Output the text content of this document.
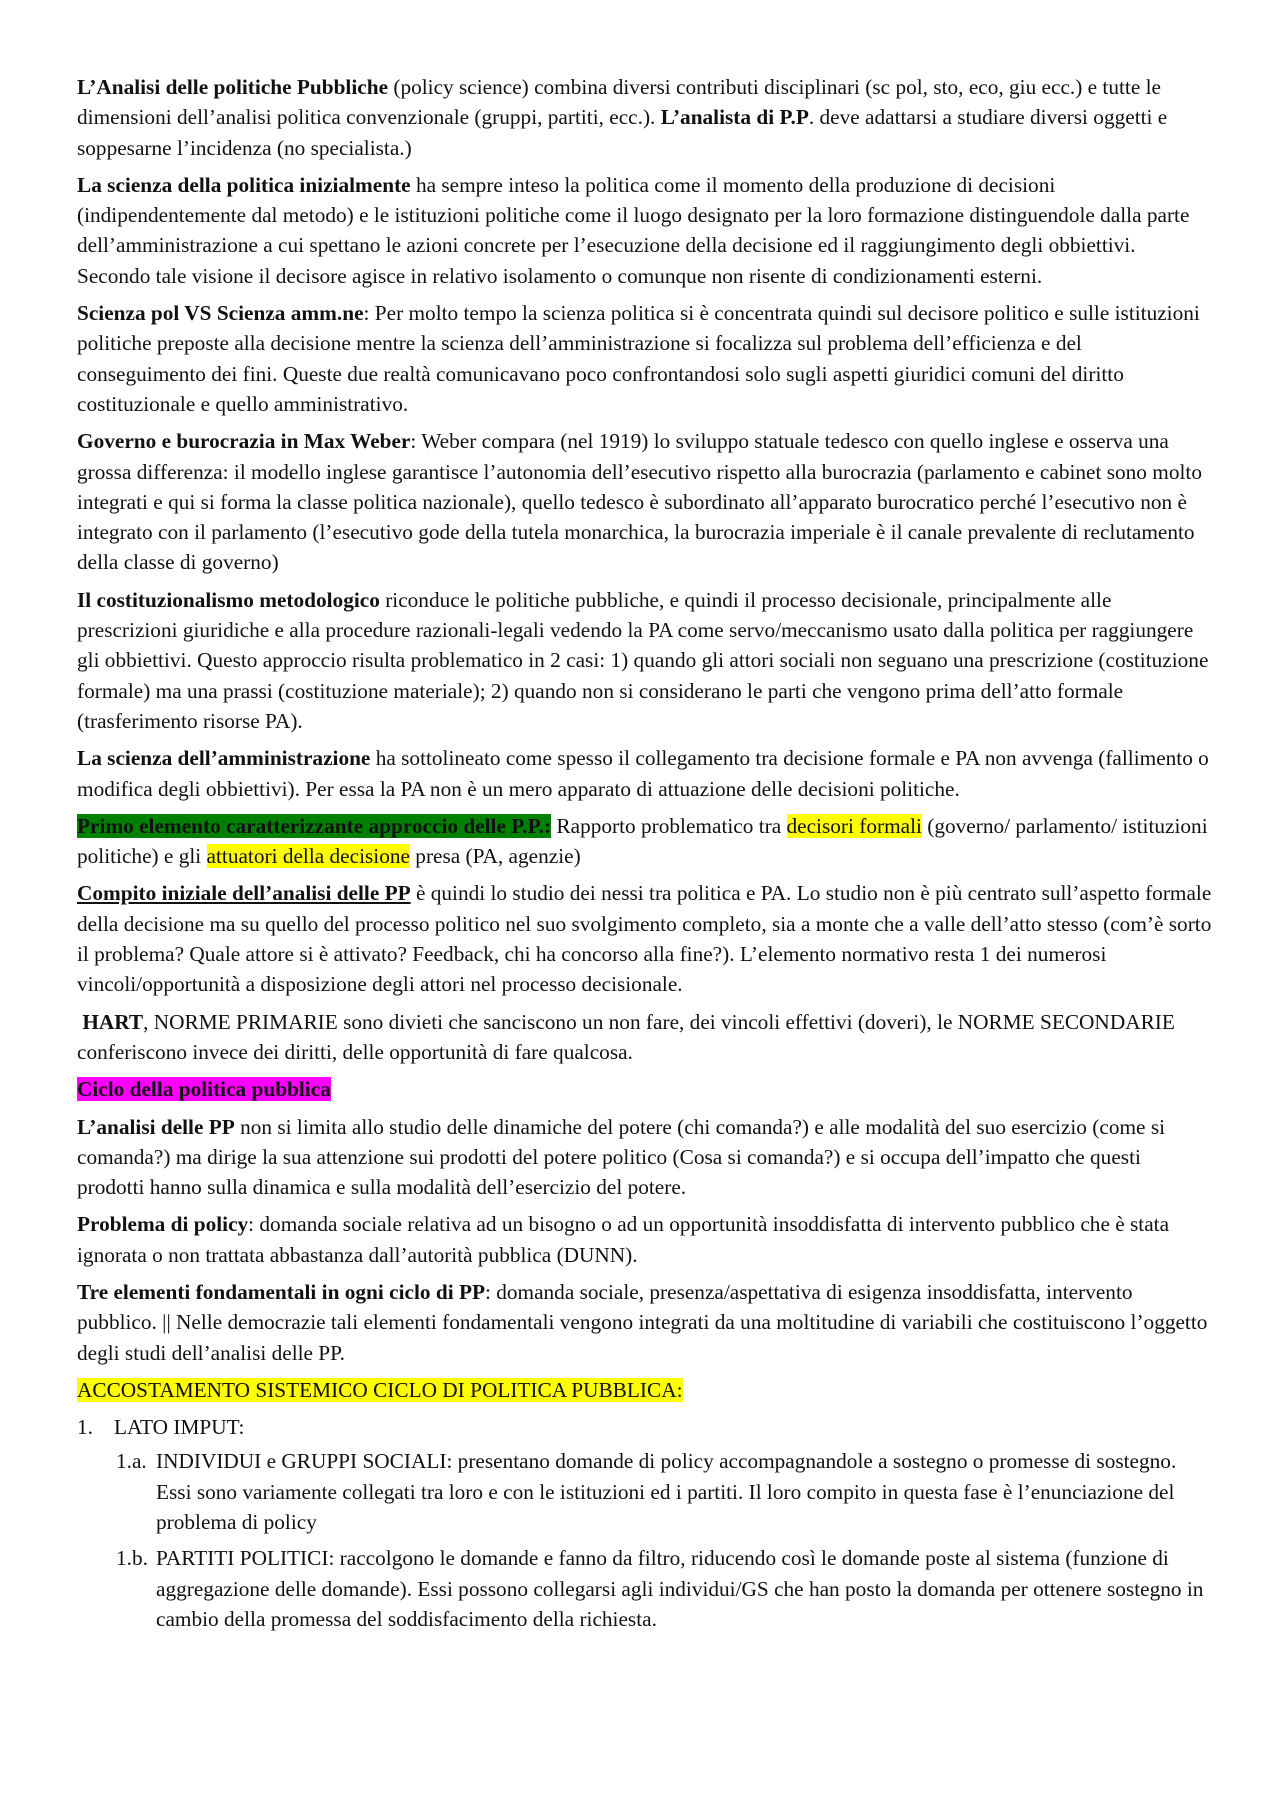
L’Analisi delle politiche Pubbliche (policy science) combina diversi contributi disciplinari (sc pol, sto, eco, giu ecc.) e tutte le dimensioni dell’analisi politica convenzionale (gruppi, partiti, ecc.). L’analista di P.P. deve adattarsi a studiare diversi oggetti e soppesarne l’incidenza (no specialista.)

La scienza della politica inizialmente ha sempre inteso la politica come il momento della produzione di decisioni (indipendentemente dal metodo) e le istituzioni politiche come il luogo designato per la loro formazione distinguendole dalla parte dell’amministrazione a cui spettano le azioni concrete per l’esecuzione della decisione ed il raggiungimento degli obbiettivi. Secondo tale visione il decisore agisce in relativo isolamento o comunque non risente di condizionamenti esterni.

Scienza pol VS Scienza amm.ne: Per molto tempo la scienza politica si è concentrata quindi sul decisore politico e sulle istituzioni politiche preposte alla decisione mentre la scienza dell’amministrazione si focalizza sul problema dell’efficienza e del conseguimento dei fini. Queste due realtà comunicavano poco confrontandosi solo sugli aspetti giuridici comuni del diritto costituzionale e quello amministrativo.

Governo e burocrazia in Max Weber: Weber compara (nel 1919) lo sviluppo statuale tedesco con quello inglese e osserva una grossa differenza: il modello inglese garantisce l’autonomia dell’esecutivo rispetto alla burocrazia (parlamento e cabinet sono molto integrati e qui si forma la classe politica nazionale), quello tedesco è subordinato all’apparato burocratico perché l’esecutivo non è integrato con il parlamento (l’esecutivo gode della tutela monarchica, la burocrazia imperiale è il canale prevalente di reclutamento della classe di governo)

Il costituzionalismo metodologico riconduce le politiche pubbliche, e quindi il processo decisionale, principalmente alle prescrizioni giuridiche e alla procedure razionali-legali vedendo la PA come servo/meccanismo usato dalla politica per raggiungere gli obbiettivi. Questo approccio risulta problematico in 2 casi: 1) quando gli attori sociali non seguano una prescrizione (costituzione formale) ma una prassi (costituzione materiale); 2) quando non si considerano le parti che vengono prima dell’atto formale (trasferimento risorse PA).

La scienza dell’amministrazione ha sottolineato come spesso il collegamento tra decisione formale e PA non avvenga (fallimento o modifica degli obbiettivi). Per essa la PA non è un mero apparato di attuazione delle decisioni politiche.

Primo elemento caratterizzante approccio delle P.P.: Rapporto problematico tra decisori formali (governo/ parlamento/ istituzioni politiche) e gli attuatori della decisione presa (PA, agenzie)

Compito iniziale dell’analisi delle PP è quindi lo studio dei nessi tra politica e PA. Lo studio non è più centrato sull’aspetto formale della decisione ma su quello del processo politico nel suo svolgimento completo, sia a monte che a valle dell’atto stesso (com’è sorto il problema? Quale attore si è attivato? Feedback, chi ha concorso alla fine?). L’elemento normativo resta 1 dei numerosi vincoli/opportunità a disposizione degli attori nel processo decisionale.

HART, NORME PRIMARIE sono divieti che sanciscono un non fare, dei vincoli effettivi (doveri), le NORME SECONDARIE conferiscono invece dei diritti, delle opportunità di fare qualcosa.

Ciclo della politica pubblica

L’analisi delle PP non si limita allo studio delle dinamiche del potere (chi comanda?) e alle modalità del suo esercizio (come si comanda?) ma dirige la sua attenzione sui prodotti del potere politico (Cosa si comanda?) e si occupa dell’impatto che questi prodotti hanno sulla dinamica e sulla modalità dell’esercizio del potere.

Problema di policy: domanda sociale relativa ad un bisogno o ad un opportunità insoddisfatta di intervento pubblico che è stata ignorata o non trattata abbastanza dall’autorità pubblica (DUNN).

Tre elementi fondamentali in ogni ciclo di PP: domanda sociale, presenza/aspettativa di esigenza insoddisfatta, intervento pubblico. || Nelle democrazie tali elementi fondamentali vengono integrati da una moltitudine di variabili che costituiscono l’oggetto degli studi dell’analisi delle PP.

ACCOSTAMENTO SISTEMICO CICLO DI POLITICA PUBBLICA:

1. LATO IMPUT:
1.a. INDIVIDUI e GRUPPI SOCIALI: presentano domande di policy accompagnandole a sostegno o promesse di sostegno. Essi sono variamente collegati tra loro e con le istituzioni ed i partiti. Il loro compito in questa fase è l’enunciazione del problema di policy
1.b. PARTITI POLITICI: raccolgono le domande e fanno da filtro, riducendo così le domande poste al sistema (funzione di aggregazione delle domande). Essi possono collegarsi agli individui/GS che han posto la domanda per ottenere sostegno in cambio della promessa del soddisfacimento della richiesta.
